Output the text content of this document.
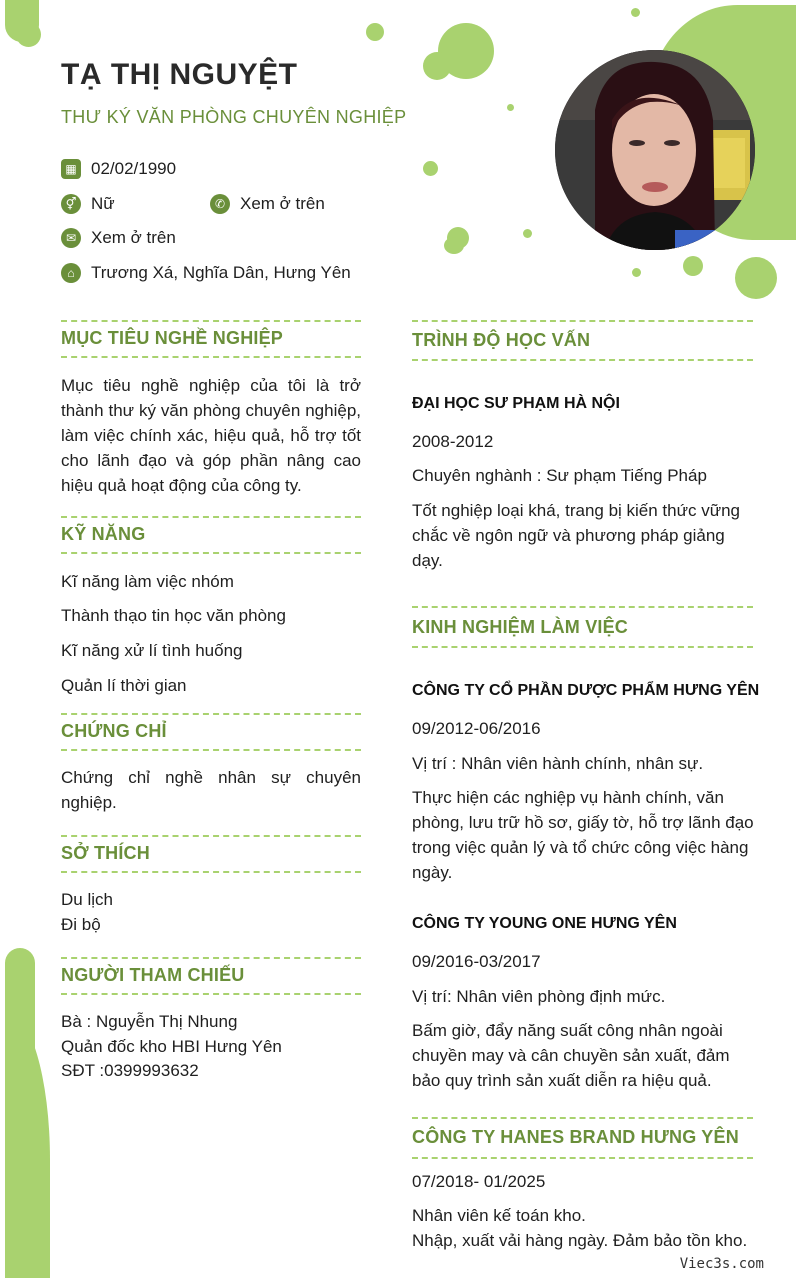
TẠ THỊ NGUYỆT
THƯ KÝ VĂN PHÒNG CHUYÊN NGHIỆP
▦ 02/02/1990
⚥ Nữ	✆ Xem ở trên
✉ Xem ở trên
⌂ Trương Xá, Nghĩa Dân, Hưng Yên
MỤC TIÊU NGHỀ NGHIỆP
Mục tiêu nghề nghiệp của tôi là trở thành thư ký văn phòng chuyên nghiệp, làm việc chính xác, hiệu quả, hỗ trợ tốt cho lãnh đạo và góp phần nâng cao hiệu quả hoạt động của công ty.
KỸ NĂNG
Kĩ năng làm việc nhóm
Thành thạo tin học văn phòng
Kĩ năng xử lí tình huống
Quản lí thời gian
CHỨNG CHỈ
Chứng chỉ nghề nhân sự chuyên nghiệp.
SỞ THÍCH
Du lịch
Đi bộ
NGƯỜI THAM CHIẾU
Bà : Nguyễn Thị Nhung
Quản đốc kho HBI Hưng Yên
SĐT :0399993632
TRÌNH ĐỘ HỌC VẤN
ĐẠI HỌC SƯ PHẠM HÀ NỘI
2008-2012
Chuyên nghành : Sư phạm Tiếng Pháp
Tốt nghiệp loại khá, trang bị kiến thức vững chắc về ngôn ngữ và phương pháp giảng dạy.
KINH NGHIỆM LÀM VIỆC
CÔNG TY CỔ PHẦN DƯỢC PHẨM HƯNG YÊN
09/2012-06/2016
Vị trí : Nhân viên hành chính, nhân sự.
Thực hiện các nghiệp vụ hành chính, văn phòng, lưu trữ hồ sơ, giấy tờ, hỗ trợ lãnh đạo trong việc quản lý và tổ chức công việc hàng ngày.
CÔNG TY YOUNG ONE HƯNG YÊN
09/2016-03/2017
Vị trí: Nhân viên phòng định mức.
Bấm giờ, đẩy năng suất công nhân ngoài chuyền may và cân chuyền sản xuất, đảm bảo quy trình sản xuất diễn ra hiệu quả.
CÔNG TY HANES BRAND HƯNG YÊN
07/2018- 01/2025
Nhân viên kế toán kho.
Nhập, xuất vải hàng ngày. Đảm bảo tồn kho.
Viec3s.com
